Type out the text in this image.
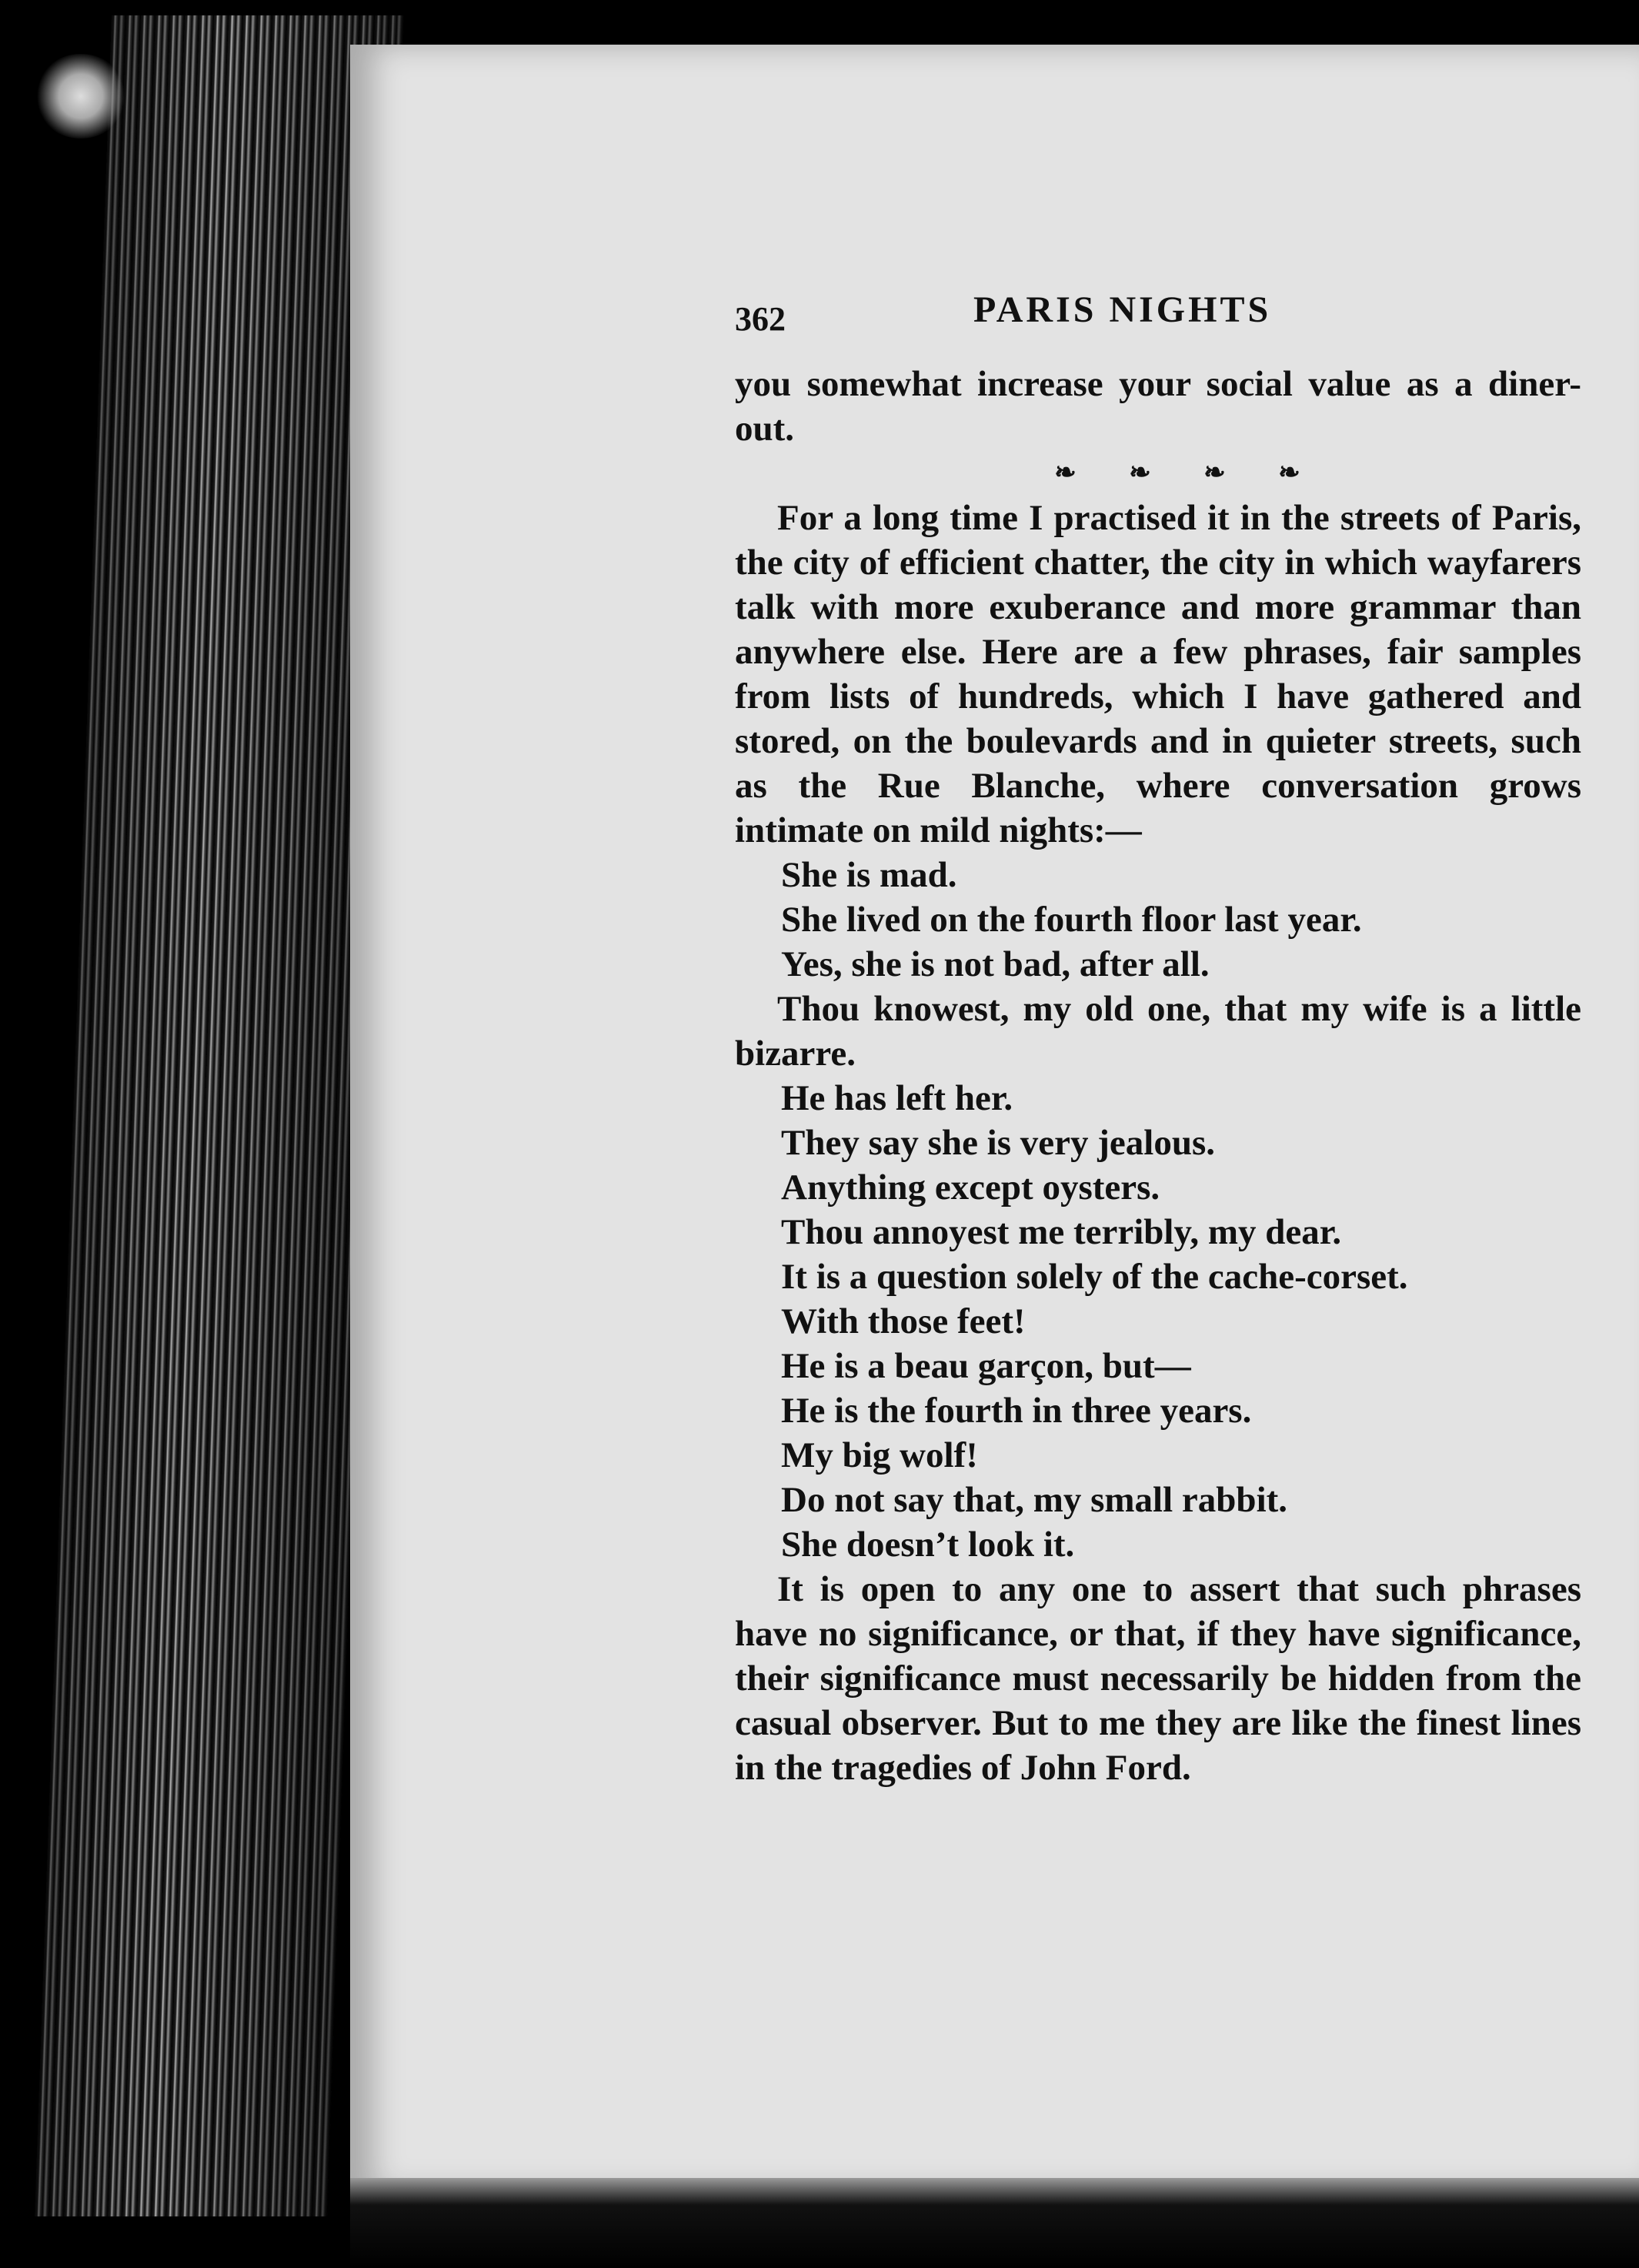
362	PARIS NIGHTS

you somewhat increase your social value as a diner-out.

❧ ❧ ❧ ❧

For a long time I practised it in the streets of Paris, the city of efficient chatter, the city in which wayfarers talk with more exuberance and more grammar than anywhere else. Here are a few phrases, fair samples from lists of hundreds, which I have gathered and stored, on the boulevards and in quieter streets, such as the Rue Blanche, where conversation grows intimate on mild nights:—

She is mad.

She lived on the fourth floor last year.

Yes, she is not bad, after all.

Thou knowest, my old one, that my wife is a little bizarre.

He has left her.

They say she is very jealous.

Anything except oysters.

Thou annoyest me terribly, my dear.

It is a question solely of the cache-corset.

With those feet!

He is a beau garçon, but—

He is the fourth in three years.

My big wolf!

Do not say that, my small rabbit.

She doesn’t look it.

It is open to any one to assert that such phrases have no significance, or that, if they have significance, their significance must necessarily be hidden from the casual observer. But to me they are like the finest lines in the tragedies of John Ford.
